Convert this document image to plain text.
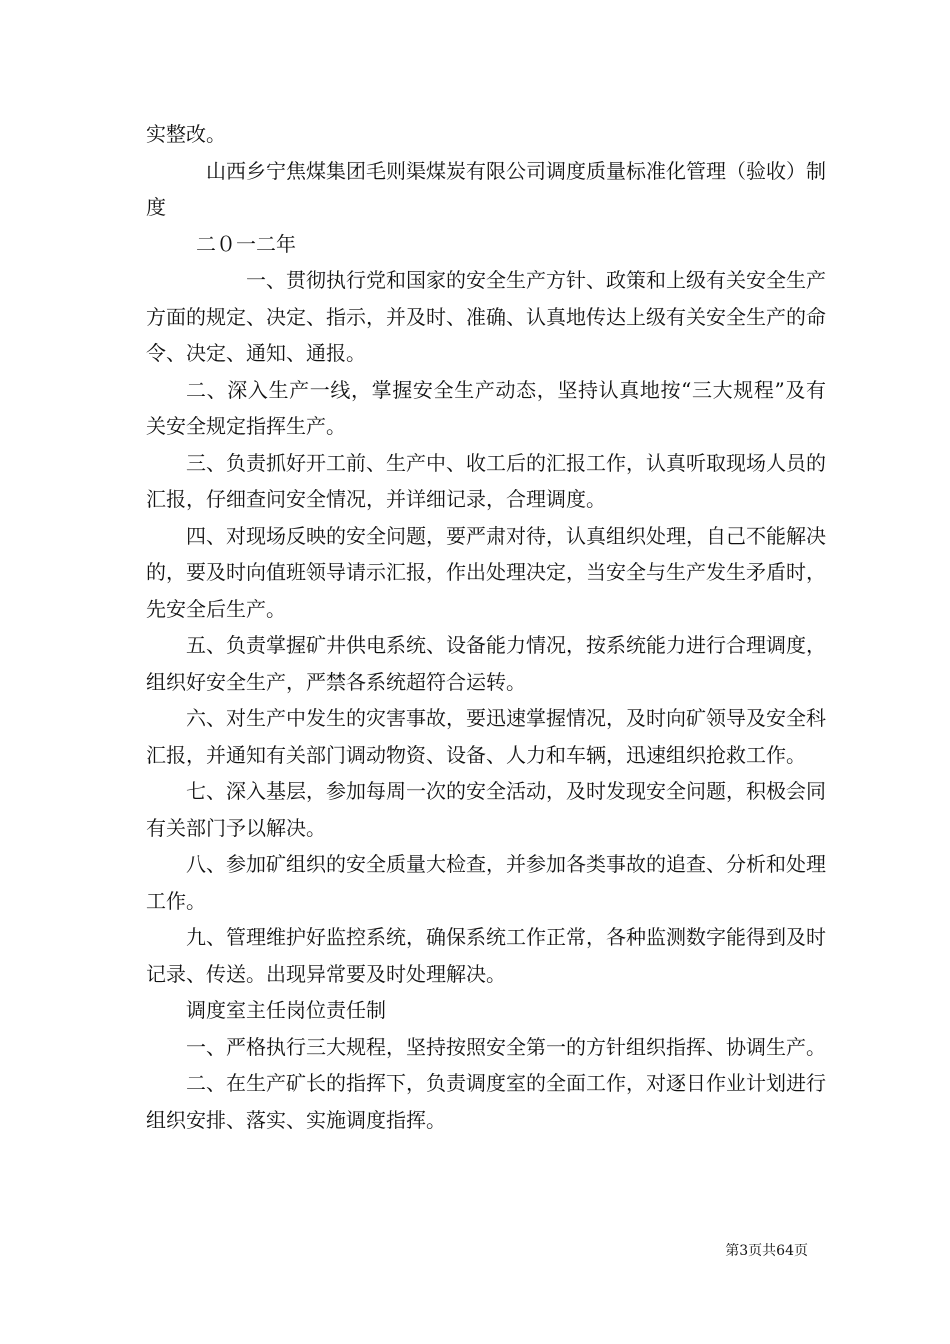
实整改。

山西乡宁焦煤集团毛则渠煤炭有限公司调度质量标准化管理（验收）制度

二０一二年

一、贯彻执行党和国家的安全生产方针、政策和上级有关安全生产方面的规定、决定、指示，并及时、准确、认真地传达上级有关安全生产的命令、决定、通知、通报。

二、深入生产一线，掌握安全生产动态，坚持认真地按“三大规程”及有关安全规定指挥生产。

三、负责抓好开工前、生产中、收工后的汇报工作，认真听取现场人员的汇报，仔细查问安全情况，并详细记录，合理调度。

四、对现场反映的安全问题，要严肃对待，认真组织处理，自己不能解决的，要及时向值班领导请示汇报，作出处理决定，当安全与生产发生矛盾时，先安全后生产。

五、负责掌握矿井供电系统、设备能力情况，按系统能力进行合理调度，组织好安全生产，严禁各系统超符合运转。

六、对生产中发生的灾害事故，要迅速掌握情况，及时向矿领导及安全科汇报，并通知有关部门调动物资、设备、人力和车辆，迅速组织抢救工作。

七、深入基层，参加每周一次的安全活动，及时发现安全问题，积极会同有关部门予以解决。

八、参加矿组织的安全质量大检查，并参加各类事故的追查、分析和处理工作。

九、管理维护好监控系统，确保系统工作正常，各种监测数字能得到及时记录、传送。出现异常要及时处理解决。

调度室主任岗位责任制

一、严格执行三大规程，坚持按照安全第一的方针组织指挥、协调生产。

二、在生产矿长的指挥下，负责调度室的全面工作，对逐日作业计划进行组织安排、落实、实施调度指挥。

第3页共64页
